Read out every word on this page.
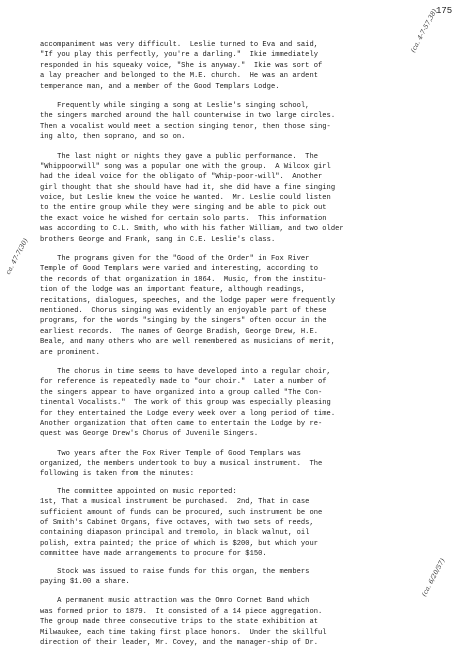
175
(ca. 4-7-57,38)
ca. 47-7(30)
(ca. 6/20/57)
accompaniment was very difficult.  Leslie turned to Eva and said,
"If you play this perfectly, you're a darling."  Ikie immediately
responded in his squeaky voice, "She is anyway."  Ikie was sort of
a lay preacher and belonged to the M.E. church.  He was an ardent
temperance man, and a member of the Good Templars Lodge.
Frequently while singing a song at Leslie's singing school,
the singers marched around the hall counterwise in two large circles.
Then a vocalist would meet a section singing tenor, then those sing-
ing alto, then soprano, and so on.
The last night or nights they gave a public performance.  The
"Whippoorwill" song was a popular one with the group.  A Wilcox girl
had the ideal voice for the obligato of "Whip-poor-will".  Another
girl thought that she should have had it, she did have a fine singing
voice, but Leslie knew the voice he wanted.  Mr. Leslie could listen
to the entire group while they were singing and be able to pick out
the exact voice he wished for certain solo parts.  This information
was according to C.L. Smith, who with his father William, and two older
brothers George and Frank, sang in C.E. Leslie's class.
The programs given for the "Good of the Order" in Fox River
Temple of Good Templars were varied and interesting, according to
the records of that organization in 1864.  Music, from the institu-
tion of the lodge was an important feature, although readings,
recitations, dialogues, speeches, and the lodge paper were frequently
mentioned.  Chorus singing was evidently an enjoyable part of these
programs, for the words "singing by the singers" often occur in the
earliest records.  The names of George Bradish, George Drew, H.E.
Beale, and many others who are well remembered as musicians of merit,
are prominent.
The chorus in time seems to have developed into a regular choir,
for reference is repeatedly made to "our choir."  Later a number of
the singers appear to have organized into a group called "The Con-
tinental Vocalists."  The work of this group was especially pleasing
for they entertained the Lodge every week over a long period of time.
Another organization that often came to entertain the Lodge by re-
quest was George Drew's Chorus of Juvenile Singers.
Two years after the Fox River Temple of Good Templars was
organized, the members undertook to buy a musical instrument.  The
following is taken from the minutes:
The committee appointed on music reported:
1st, That a musical instrument be purchased.  2nd, That in case
sufficient amount of funds can be procured, such instrument be one
of Smith's Cabinet Organs, five octaves, with two sets of reeds,
containing diapason principal and tremolo, in black walnut, oil
polish, extra painted; the price of which is $200, but which your
committee have made arrangements to procure for $150.
Stock was issued to raise funds for this organ, the members
paying $1.00 a share.
A permanent music attraction was the Omro Cornet Band which
was formed prior to 1879.  It consisted of a 14 piece aggregation.
The group made three consecutive trips to the state exhibition at
Milwaukee, each time taking first place honors.  Under the skillful
direction of their leader, Mr. Covey, and the manager-ship of Dr.
